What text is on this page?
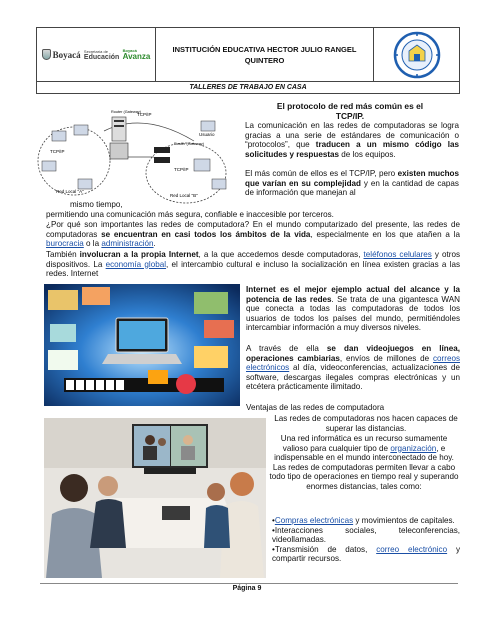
Boyacá Secretaría de
Educación
Boyacá
Avanza
INSTITUCIÓN EDUCATIVA HECTOR JULIO RANGEL
QUINTERO
TALLERES DE TRABAJO EN CASA
TCP/IP
Router (Gateway)
Usuario
Red Local "A"
Red Local "B"
TCP/IP
TCP/IP
Router (Gateway)
El protocolo de red más común es el
TCP/IP.
La comunicación en las redes de computadoras se logra gracias a una serie de estándares de comunicación o “protocolos”, que traducen a un mismo código las solicitudes y respuestas de los equipos.
El más común de ellos es el TCP/IP, pero existen muchos que varían en su complejidad y en la cantidad de capas de información que manejan al
mismo tiempo,
permitiendo una comunicación más segura, confiable e inaccesible por terceros.
¿Por qué son importantes las redes de computadora? En el mundo computarizado del presente, las redes de computadoras se encuentran en casi todos los ámbitos de la vida, especialmente en los que atañen a la burocracia o la administración.
También involucran a la propia Internet, a la que accedemos desde computadoras, teléfonos celulares y otros dispositivos. La economía global, el intercambio cultural e incluso la socialización en línea existen gracias a las redes. Internet
Internet es el mejor ejemplo actual del alcance y la potencia de las redes. Se trata de una gigantesca WAN que conecta a todas las computadoras de todos los usuarios de todos los países del mundo, permitiéndoles intercambiar información a muy diversos niveles.
A través de ella se dan videojuegos en línea, operaciones cambiarias, envíos de millones de correos electrónicos al día, videoconferencias, actualizaciones de software, descargas ilegales compras electrónicas y un etcétera prácticamente ilimitado.
Ventajas de las redes de computadora
Las redes de computadoras nos hacen capaces de superar las distancias.
Una red informática es un recurso sumamente valioso para cualquier tipo de organización, e indispensable en el mundo interconectado de hoy. Las redes de computadoras permiten llevar a cabo todo tipo de operaciones en tiempo real y superando enormes distancias, tales como:
•Compras electrónicas y movimientos de capitales.
•Interacciones sociales, teleconferencias, videollamadas.
•Transmisión de datos, correo electrónico y compartir recursos.
Página 9
